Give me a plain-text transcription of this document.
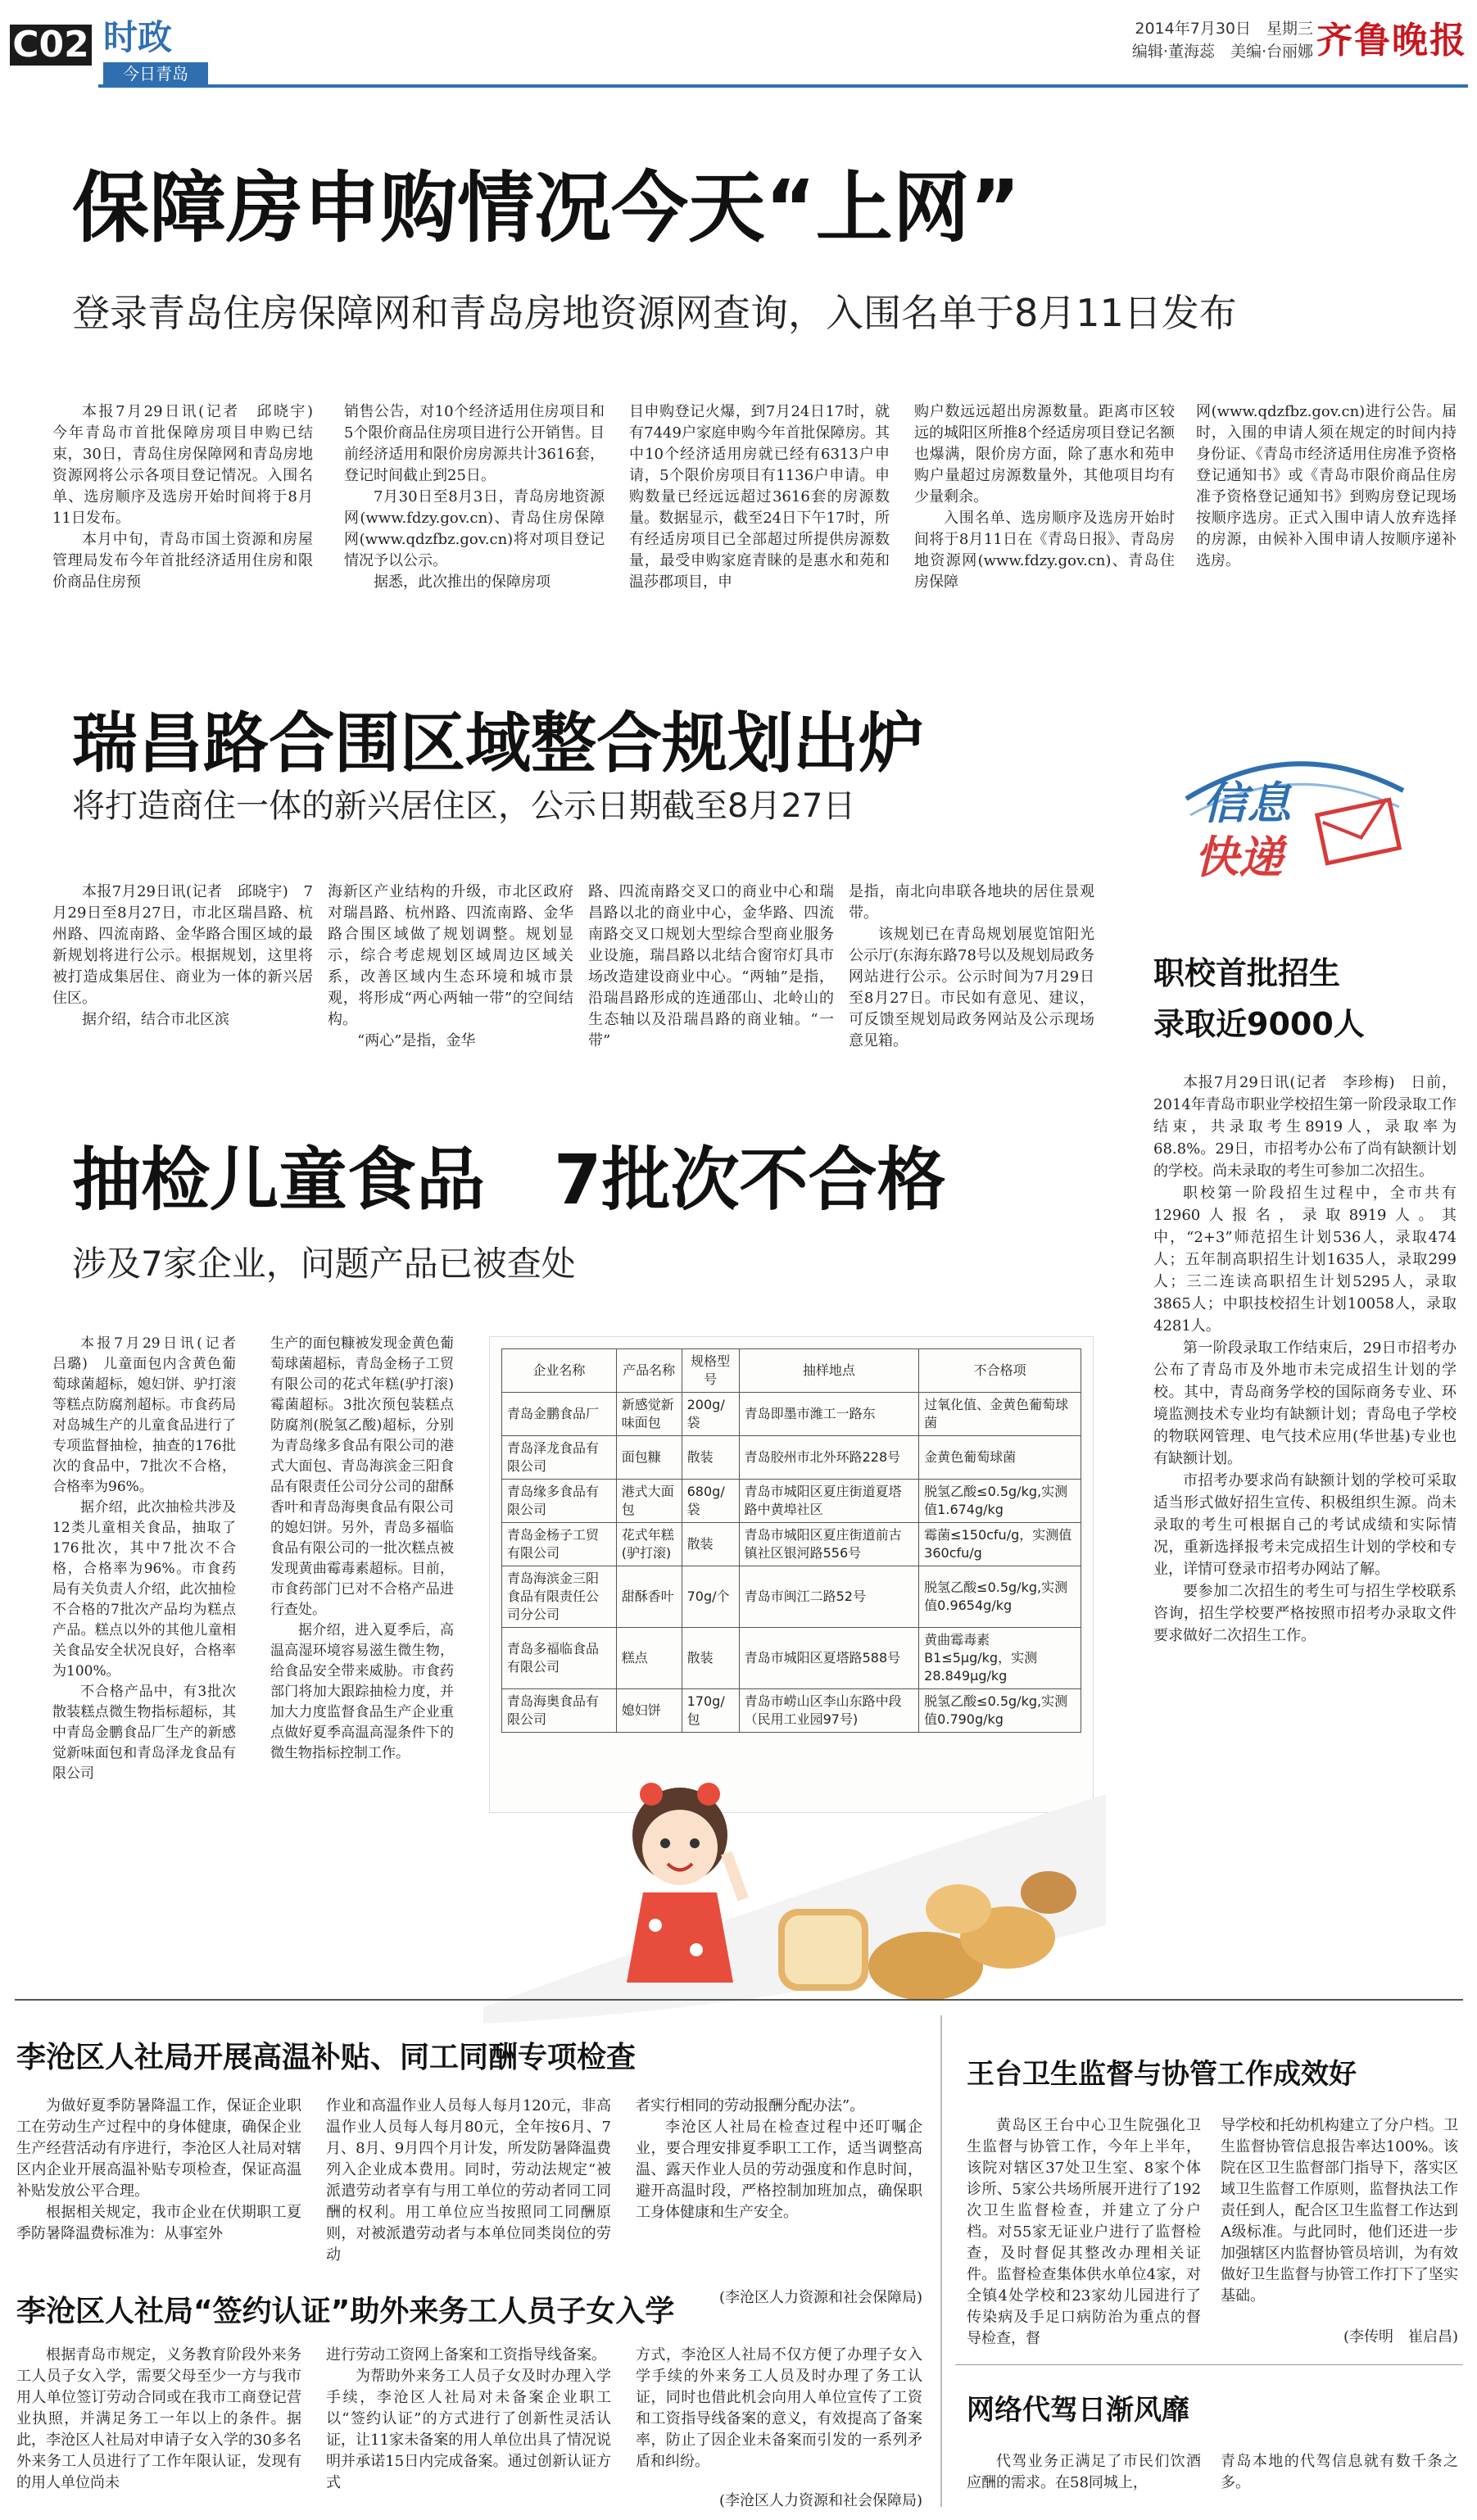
C02 时政
今日青岛
2014年7月30日　星期三
编辑·董海蕊　美编·台丽娜 齐鲁晚报
保障房申购情况今天“上网”
登录青岛住房保障网和青岛房地资源网查询，入围名单于8月11日发布

本报7月29日讯(记者　邱晓宇)　今年青岛市首批保障房项目申购已结束，30日，青岛住房保障网和青岛房地资源网将公示各项目登记情况。入围名单、选房顺序及选房开始时间将于8月11日发布。

本月中旬，青岛市国土资源和房屋管理局发布今年首批经济适用住房和限价商品住房预

销售公告，对10个经济适用住房项目和5个限价商品住房项目进行公开销售。目前经济适用和限价房房源共计3616套，登记时间截止到25日。

7月30日至8月3日，青岛房地资源网(www.fdzy.gov.cn)、青岛住房保障网(www.qdzfbz.gov.cn)将对项目登记情况予以公示。

据悉，此次推出的保障房项

目申购登记火爆，到7月24日17时，就有7449户家庭申购今年首批保障房。其中10个经济适用房就已经有6313户申请，5个限价房项目有1136户申请。申购数量已经远远超过3616套的房源数量。数据显示，截至24日下午17时，所有经适房项目已全部超过所提供房源数量，最受申购家庭青睐的是惠水和苑和温莎郡项目，申

购户数远远超出房源数量。距离市区较远的城阳区所推8个经适房项目登记名额也爆满，限价房方面，除了惠水和苑申购户量超过房源数量外，其他项目均有少量剩余。

入围名单、选房顺序及选房开始时间将于8月11日在《青岛日报》、青岛房地资源网(www.fdzy.gov.cn)、青岛住房保障

网(www.qdzfbz.gov.cn)进行公告。届时，入围的申请人须在规定的时间内持身份证、《青岛市经济适用住房准予资格登记通知书》或《青岛市限价商品住房准予资格登记通知书》到购房登记现场按顺序选房。正式入围申请人放弃选择的房源，由候补入围申请人按顺序递补选房。

瑞昌路合围区域整合规划出炉
将打造商住一体的新兴居住区，公示日期截至8月27日

本报7月29日讯(记者　邱晓宇)　7月29日至8月27日，市北区瑞昌路、杭州路、四流南路、金华路合围区域的最新规划将进行公示。根据规划，这里将被打造成集居住、商业为一体的新兴居住区。

据介绍，结合市北区滨

海新区产业结构的升级，市北区政府对瑞昌路、杭州路、四流南路、金华路合围区域做了规划调整。规划显示，综合考虑规划区域周边区域关系，改善区域内生态环境和城市景观，将形成“两心两轴一带”的空间结构。

“两心”是指，金华

路、四流南路交叉口的商业中心和瑞昌路以北的商业中心，金华路、四流南路交叉口规划大型综合型商业服务业设施，瑞昌路以北结合窗帘灯具市场改造建设商业中心。“两轴”是指，沿瑞昌路形成的连通邵山、北岭山的生态轴以及沿瑞昌路的商业轴。“一带”

是指，南北向串联各地块的居住景观带。

该规划已在青岛规划展览馆阳光公示厅(东海东路78号以及规划局政务网站进行公示。公示时间为7月29日至8月27日。市民如有意见、建议，可反馈至规划局政务网站及公示现场意见箱。

信息
快递
职校首批招生
录取近9000人

本报7月29日讯(记者　李珍梅)　日前，2014年青岛市职业学校招生第一阶段录取工作结束，共录取考生8919人，录取率为68.8%。29日，市招考办公布了尚有缺额计划的学校。尚未录取的考生可参加二次招生。

职校第一阶段招生过程中，全市共有12960人报名，录取8919人。其中，“2+3”师范招生计划536人，录取474人；五年制高职招生计划1635人，录取299人；三二连读高职招生计划5295人，录取3865人；中职技校招生计划10058人，录取4281人。

第一阶段录取工作结束后，29日市招考办公布了青岛市及外地市未完成招生计划的学校。其中，青岛商务学校的国际商务专业、环境监测技术专业均有缺额计划；青岛电子学校的物联网管理、电气技术应用(华世基)专业也有缺额计划。

市招考办要求尚有缺额计划的学校可采取适当形式做好招生宣传、积极组织生源。尚未录取的考生可根据自己的考试成绩和实际情况，重新选择报考未完成招生计划的学校和专业，详情可登录市招考办网站了解。

要参加二次招生的考生可与招生学校联系咨询，招生学校要严格按照市招考办录取文件要求做好二次招生工作。

抽检儿童食品　7批次不合格
涉及7家企业，问题产品已被查处

本报7月29日讯(记者　吕璐)　儿童面包内含黄色葡萄球菌超标，媳妇饼、驴打滚等糕点防腐剂超标。市食药局对岛城生产的儿童食品进行了专项监督抽检，抽查的176批次的食品中，7批次不合格，合格率为96%。

据介绍，此次抽检共涉及12类儿童相关食品，抽取了176批次，其中7批次不合格，合格率为96%。市食药局有关负责人介绍，此次抽检不合格的7批次产品均为糕点产品。糕点以外的其他儿童相关食品安全状况良好，合格率为100%。

不合格产品中，有3批次散装糕点微生物指标超标，其中青岛金鹏食品厂生产的新感觉新味面包和青岛泽龙食品有限公司

生产的面包糠被发现金黄色葡萄球菌超标，青岛金杨子工贸有限公司的花式年糕(驴打滚)霉菌超标。3批次预包装糕点防腐剂(脱氢乙酸)超标，分别为青岛缘多食品有限公司的港式大面包、青岛海滨金三阳食品有限责任公司分公司的甜酥香叶和青岛海奥食品有限公司的媳妇饼。另外，青岛多福临食品有限公司的一批次糕点被发现黄曲霉毒素超标。目前，市食药部门已对不合格产品进行查处。

据介绍，进入夏季后，高温高湿环境容易滋生微生物，给食品安全带来威胁。市食药部门将加大跟踪抽检力度，并加大力度监督食品生产企业重点做好夏季高温高湿条件下的微生物指标控制工作。

企业名称	产品名称	规格型号	抽样地点	不合格项
青岛金鹏食品厂	新感觉新味面包	200g/袋	青岛即墨市潍工一路东	过氧化值、金黄色葡萄球菌
青岛泽龙食品有限公司	面包糠	散装	青岛胶州市北外环路228号	金黄色葡萄球菌
青岛缘多食品有限公司	港式大面包	680g/袋	青岛市城阳区夏庄街道夏塔路中黄埠社区	脱氢乙酸≤0.5g/kg,实测值1.674g/kg
青岛金杨子工贸有限公司	花式年糕(驴打滚)	散装	青岛市城阳区夏庄街道前古镇社区银河路556号	霉菌≤150cfu/g，实测值360cfu/g
青岛海滨金三阳食品有限责任公司分公司	甜酥香叶	70g/个	青岛市闽江二路52号	脱氢乙酸≤0.5g/kg,实测值0.9654g/kg
青岛多福临食品有限公司	糕点	散装	青岛市城阳区夏塔路588号	黄曲霉毒素B1≤5μg/kg，实测28.849μg/kg
青岛海奥食品有限公司	媳妇饼	170g/包	青岛市崂山区李山东路中段（民用工业园97号)	脱氢乙酸≤0.5g/kg,实测值0.790g/kg
李沧区人社局开展高温补贴、同工同酬专项检查

为做好夏季防暑降温工作，保证企业职工在劳动生产过程中的身体健康，确保企业生产经营活动有序进行，李沧区人社局对辖区内企业开展高温补贴专项检查，保证高温补贴发放公平合理。

根据相关规定，我市企业在伏期职工夏季防暑降温费标准为：从事室外

作业和高温作业人员每人每月120元，非高温作业人员每人每月80元，全年按6月、7月、8月、9月四个月计发，所发防暑降温费列入企业成本费用。同时，劳动法规定“被派遣劳动者享有与用工单位的劳动者同工同酬的权利。用工单位应当按照同工同酬原则，对被派遣劳动者与本单位同类岗位的劳动

者实行相同的劳动报酬分配办法”。

李沧区人社局在检查过程中还叮嘱企业，要合理安排夏季职工工作，适当调整高温、露天作业人员的劳动强度和作息时间，避开高温时段，严格控制加班加点，确保职工身体健康和生产安全。

(李沧区人力资源和社会保障局)
李沧区人社局“签约认证”助外来务工人员子女入学

根据青岛市规定，义务教育阶段外来务工人员子女入学，需要父母至少一方与我市用人单位签订劳动合同或在我市工商登记营业执照，并满足务工一年以上的条件。据此，李沧区人社局对申请子女入学的30多名外来务工人员进行了工作年限认证，发现有的用人单位尚未

进行劳动工资网上备案和工资指导线备案。

为帮助外来务工人员子女及时办理入学手续，李沧区人社局对未备案企业职工以“签约认证”的方式进行了创新性灵活认证，让11家未备案的用人单位出具了情况说明并承诺15日内完成备案。通过创新认证方式

方式，李沧区人社局不仅方便了办理子女入学手续的外来务工人员及时办理了务工认证，同时也借此机会向用人单位宣传了工资和工资指导线备案的意义，有效提高了备案率，防止了因企业未备案而引发的一系列矛盾和纠纷。

(李沧区人力资源和社会保障局)
王台卫生监督与协管工作成效好

黄岛区王台中心卫生院强化卫生监督与协管工作，今年上半年，该院对辖区37处卫生室、8家个体诊所、5家公共场所展开进行了192次卫生监督检查，并建立了分户档。对55家无证业户进行了监督检查，及时督促其整改办理相关证件。监督检查集体供水单位4家，对全镇4处学校和23家幼儿园进行了传染病及手足口病防治为重点的督导检查，督

导学校和托幼机构建立了分户档。卫生监督协管信息报告率达100%。该院在区卫生监督部门指导下，落实区域卫生监督工作原则，监督执法工作责任到人，配合区卫生监督工作达到A级标准。与此同时，他们还进一步加强辖区内监督协管员培训，为有效做好卫生监督与协管工作打下了坚实基础。

(李传明　崔启昌)
网络代驾日渐风靡

代驾业务正满足了市民们饮酒应酬的需求。在58同城上，

青岛本地的代驾信息就有数千条之多。
